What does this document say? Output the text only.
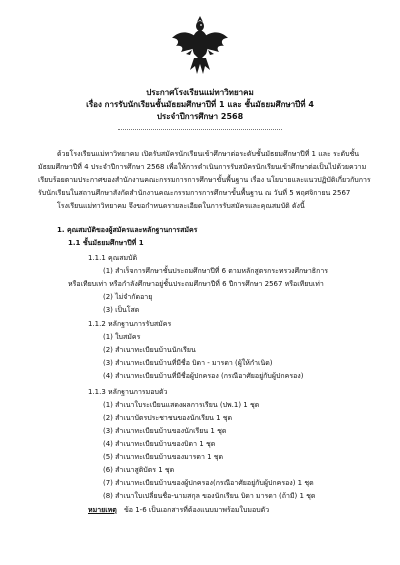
ประกาศโรงเรียนแม่ทาวิทยาคม
เรื่อง การรับนักเรียนชั้นมัธยมศึกษาปีที่ 1 และ ชั้นมัธยมศึกษาปีที่ 4
ประจำปีการศึกษา 2568
ด้วยโรงเรียนแม่ทาวิทยาคม เปิดรับสมัครนักเรียนเข้าศึกษาต่อระดับชั้นมัธยมศึกษาปีที่ 1 และ ระดับชั้น
มัธยมศึกษาปีที่ 4 ประจำปีการศึกษา 2568 เพื่อให้การดำเนินการรับสมัครนักเรียนเข้าศึกษาต่อเป็นไปด้วยความ
เรียบร้อยตามประกาศของสำนักงานคณะกรรมการการศึกษาขั้นพื้นฐาน เรื่อง นโยบายและแนวปฏิบัติเกี่ยวกับการ
รับนักเรียนในสถานศึกษาสังกัดสำนักงานคณะกรรมการการศึกษาขั้นพื้นฐาน ณ วันที่ 5 พฤศจิกายน 2567
โรงเรียนแม่ทาวิทยาคม จึงขอกำหนดรายละเอียดในการรับสมัครและคุณสมบัติ ดังนี้
1. คุณสมบัติของผู้สมัครและหลักฐานการสมัคร
1.1 ชั้นมัธยมศึกษาปีที่ 1
1.1.1 คุณสมบัติ
(1) สำเร็จการศึกษาชั้นประถมศึกษาปีที่ 6 ตามหลักสูตรกระทรวงศึกษาธิการ
หรือเทียบเท่า หรือกำลังศึกษาอยู่ชั้นประถมศึกษาปีที่ 6 ปีการศึกษา 2567 หรือเทียบเท่า
(2) ไม่จำกัดอายุ
(3) เป็นโสด
1.1.2 หลักฐานการรับสมัคร
(1) ใบสมัคร
(2) สำเนาทะเบียนบ้านนักเรียน
(3) สำเนาทะเบียนบ้านที่มีชื่อ บิดา - มารดา (ผู้ให้กำเนิด)
(4) สำเนาทะเบียนบ้านที่มีชื่อผู้ปกครอง (กรณีอาศัยอยู่กับผู้ปกครอง)
1.1.3 หลักฐานการมอบตัว
(1) สำเนาใบระเบียนแสดงผลการเรียน (ปพ.1) 1 ชุด
(2) สำเนาบัตรประชาชนของนักเรียน 1 ชุด
(3) สำเนาทะเบียนบ้านของนักเรียน 1 ชุด
(4) สำเนาทะเบียนบ้านของบิดา 1 ชุด
(5) สำเนาทะเบียนบ้านของมารดา 1 ชุด
(6) สำเนาสูติบัตร 1 ชุด
(7) สำเนาทะเบียนบ้านของผู้ปกครอง(กรณีอาศัยอยู่กับผู้ปกครอง) 1 ชุด
(8) สำเนาใบเปลี่ยนชื่อ-นามสกุล ของนักเรียน บิดา มารดา (ถ้ามี) 1 ชุด
หมายเหตุ ข้อ 1-6 เป็นเอกสารที่ต้องแนบมาพร้อมใบมอบตัว
